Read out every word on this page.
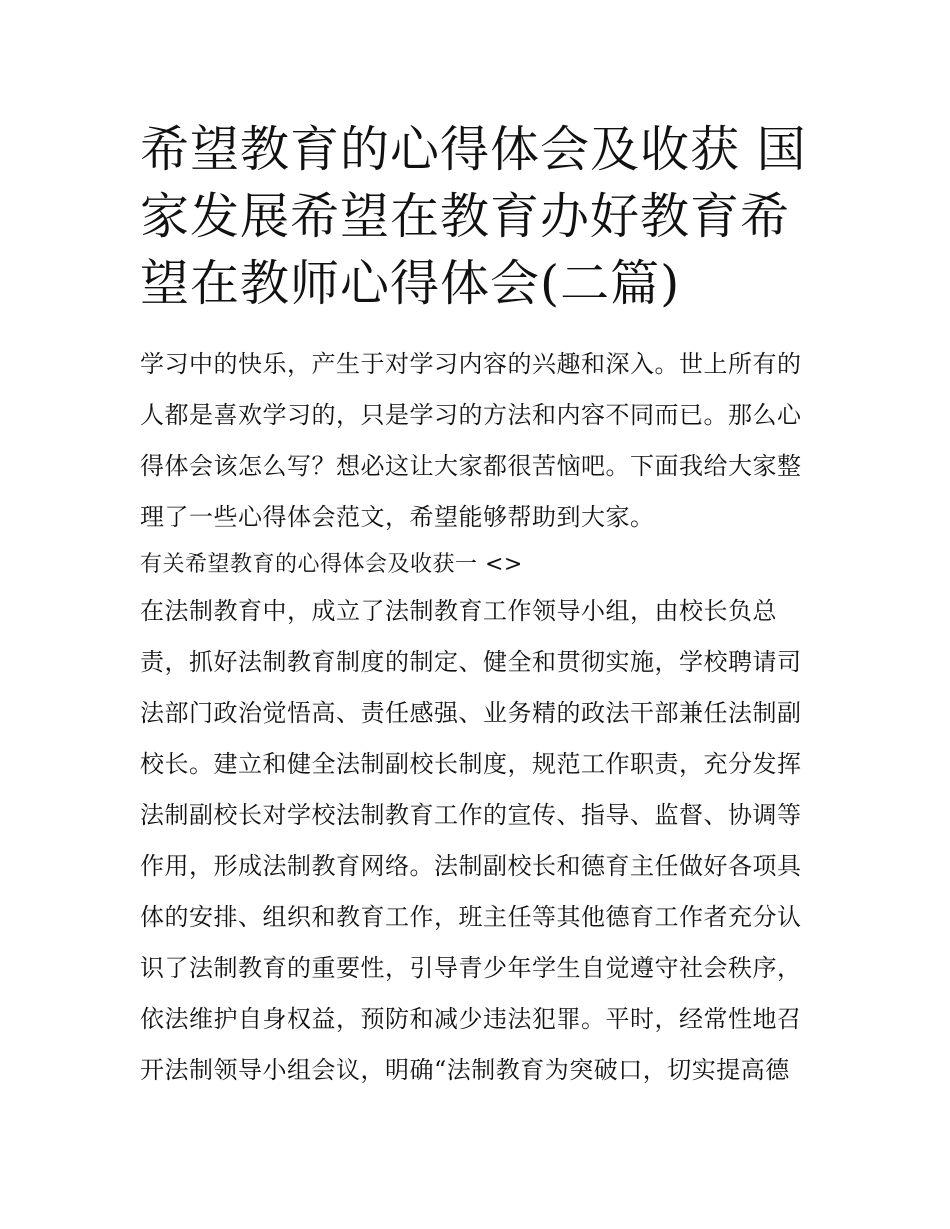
希望教育的心得体会及收获 国
家发展希望在教育办好教育希
望在教师心得体会(二篇)
学习中的快乐，产生于对学习内容的兴趣和深入。世上所有的
人都是喜欢学习的，只是学习的方法和内容不同而已。那么心
得体会该怎么写？想必这让大家都很苦恼吧。下面我给大家整
理了一些心得体会范文，希望能够帮助到大家。
有关希望教育的心得体会及收获一 <>
在法制教育中，成立了法制教育工作领导小组，由校长负总
责，抓好法制教育制度的制定、健全和贯彻实施，学校聘请司
法部门政治觉悟高、责任感强、业务精的政法干部兼任法制副
校长。建立和健全法制副校长制度，规范工作职责，充分发挥
法制副校长对学校法制教育工作的宣传、指导、监督、协调等
作用，形成法制教育网络。法制副校长和德育主任做好各项具
体的安排、组织和教育工作，班主任等其他德育工作者充分认
识了法制教育的重要性，引导青少年学生自觉遵守社会秩序，
依法维护自身权益，预防和减少违法犯罪。平时，经常性地召
开法制领导小组会议，明确“法制教育为突破口，切实提高德
